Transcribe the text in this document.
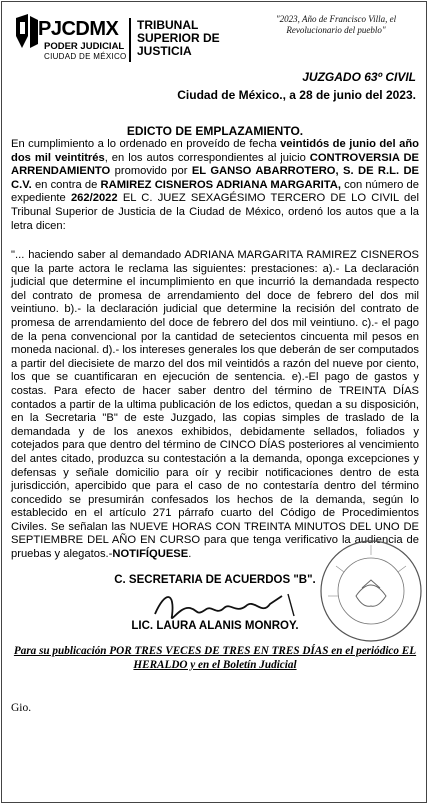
PJCDMX
PODER JUDICIAL
CIUDAD DE MÉXICO
TRIBUNAL
SUPERIOR DE
JUSTICIA
"2023, Año de Francisco Villa, el
Revolucionario del pueblo"
JUZGADO 63º CIVIL
Ciudad de México., a 28 de junio del 2023.
EDICTO DE EMPLAZAMIENTO.
En cumplimiento a lo ordenado en proveído de fecha veintidós de junio del año dos mil veintitrés, en los autos correspondientes al juicio CONTROVERSIA DE ARRENDAMIENTO promovido por EL GANSO ABARROTERO, S. DE R.L. DE C.V. en contra de RAMIREZ CISNEROS ADRIANA MARGARITA, con número de expediente 262/2022 EL C. JUEZ SEXAGÉSIMO TERCERO DE LO CIVIL del Tribunal Superior de Justicia de la Ciudad de México, ordenó los autos que a la letra dicen:
"... haciendo saber al demandado ADRIANA MARGARITA RAMIREZ CISNEROS que la parte actora le reclama las siguientes: prestaciones: a).- La declaración judicial que determine el incumplimiento en que incurrió la demandada respecto del contrato de promesa de arrendamiento del doce de febrero del dos mil veintiuno. b).- la declaración judicial que determine la recisión del contrato de promesa de arrendamiento del doce de febrero del dos mil veintiuno. c).- el pago de la pena convencional por la cantidad de setecientos cincuenta mil pesos en moneda nacional. d).- los intereses generales los que deberán de ser computados a partir del diecisiete de marzo del dos mil veintidós a razón del nueve por ciento, los que se cuantificaran en ejecución de sentencia. e).-El pago de gastos y costas. Para efecto de hacer saber dentro del término de TREINTA DÍAS contados a partir de la ultima publicación de los edictos, quedan a su disposición, en la Secretaria "B" de este Juzgado, las copias simples de traslado de la demandada y de los anexos exhibidos, debidamente sellados, foliados y cotejados para que dentro del término de CINCO DÍAS posteriores al vencimiento del antes citado, produzca su contestación a la demanda, oponga excepciones y defensas y señale domicilio para oír y recibir notificaciones dentro de esta jurisdicción, apercibido que para el caso de no contestaría dentro del término concedido se presumirán confesados los hechos de la demanda, según lo establecido en el artículo 271 párrafo cuarto del Código de Procedimientos Civiles. Se señalan las NUEVE HORAS CON TREINTA MINUTOS DEL UNO DE SEPTIEMBRE DEL AÑO EN CURSO para que tenga verificativo la audiencia de pruebas y alegatos.-NOTIFÍQUESE.
C. SECRETARIA DE ACUERDOS "B".
LIC. LAURA ALANIS MONROY.
Para su publicación POR TRES VECES DE TRES EN TRES DÍAS en el periódico EL HERALDO y en el Boletín Judicial
Gio.
